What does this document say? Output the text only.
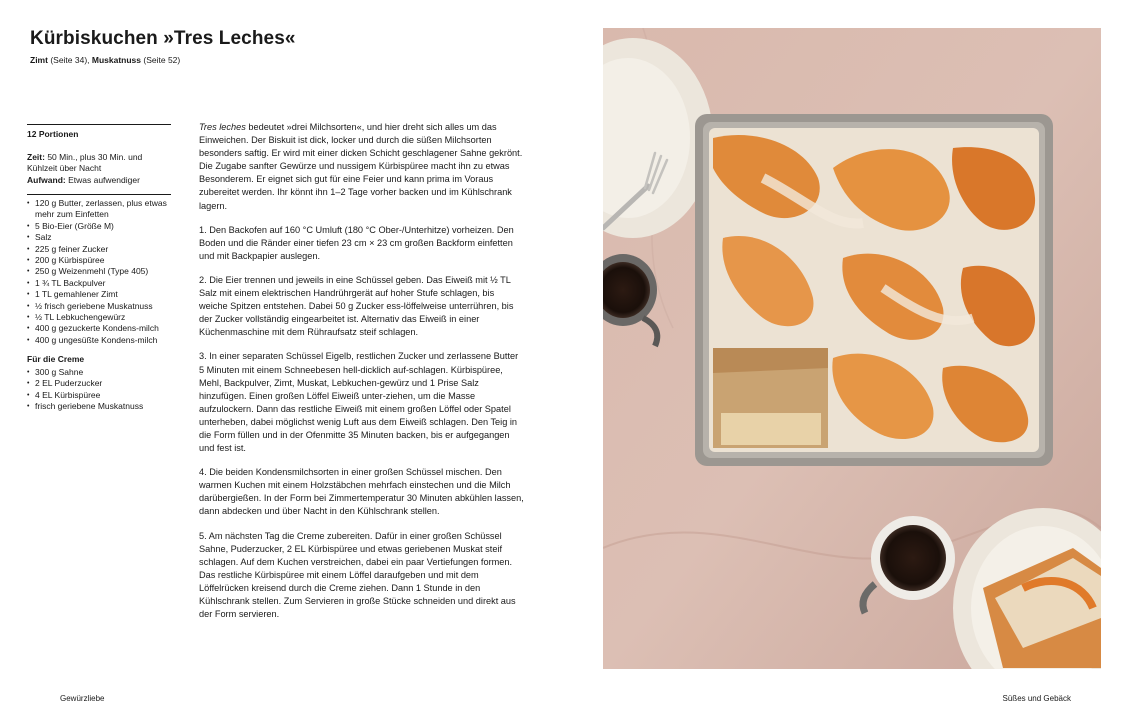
Kürbiskuchen »Tres Leches«
Zimt (Seite 34), Muskatnuss (Seite 52)
12 Portionen
Zeit: 50 Min., plus 30 Min. und Kühlzeit über Nacht
Aufwand: Etwas aufwendiger
• 120 g Butter, zerlassen, plus etwas mehr zum Einfetten
• 5 Bio-Eier (Größe M)
• Salz
• 225 g feiner Zucker
• 200 g Kürbispüree
• 250 g Weizenmehl (Type 405)
• 1 ¾ TL Backpulver
• 1 TL gemahlener Zimt
• ½ frisch geriebene Muskatnuss
• ½ TL Lebkuchengewürz
• 400 g gezuckerte Kondens-milch
• 400 g ungesüßte Kondens-milch
Für die Creme
• 300 g Sahne
• 2 EL Puderzucker
• 4 EL Kürbispüree
• frisch geriebene Muskatnuss

Tres leches bedeutet »drei Milchsorten«, und hier dreht sich alles um das Einweichen. Der Biskuit ist dick, locker und durch die süßen Milchsorten besonders saftig. Er wird mit einer dicken Schicht geschlagener Sahne gekrönt. Die Zugabe sanfter Gewürze und nussigem Kürbispüree macht ihn zu etwas Besonderem. Er eignet sich gut für eine Feier und kann prima im Voraus zubereitet werden. Ihr könnt ihn 1–2 Tage vorher backen und im Kühlschrank lagern.

1. Den Backofen auf 160 °C Umluft (180 °C Ober-/Unterhitze) vorheizen. Den Boden und die Ränder einer tiefen 23 cm × 23 cm großen Backform einfetten und mit Backpapier auslegen.

2. Die Eier trennen und jeweils in eine Schüssel geben. Das Eiweiß mit ½ TL Salz mit einem elektrischen Handrührgerät auf hoher Stufe schlagen, bis weiche Spitzen entstehen. Dabei 50 g Zucker ess-löffelweise unterrühren, bis der Zucker vollständig eingearbeitet ist. Alternativ das Eiweiß in einer Küchenmaschine mit dem Rühraufsatz steif schlagen.

3. In einer separaten Schüssel Eigelb, restlichen Zucker und zerlassene Butter 5 Minuten mit einem Schneebesen hell-dicklich auf-schlagen. Kürbispüree, Mehl, Backpulver, Zimt, Muskat, Lebkuchen-gewürz und 1 Prise Salz hinzufügen. Einen großen Löffel Eiweiß unter-ziehen, um die Masse aufzulockern. Dann das restliche Eiweiß mit einem großen Löffel oder Spatel unterheben, dabei möglichst wenig Luft aus dem Eiweiß schlagen. Den Teig in die Form füllen und in der Ofenmitte 35 Minuten backen, bis er aufgegangen und fest ist.

4. Die beiden Kondensmilchsorten in einer großen Schüssel mischen. Den warmen Kuchen mit einem Holzstäbchen mehrfach einstechen und die Milch darübergießen. In der Form bei Zimmertemperatur 30 Minuten abkühlen lassen, dann abdecken und über Nacht in den Kühlschrank stellen.

5. Am nächsten Tag die Creme zubereiten. Dafür in einer großen Schüssel Sahne, Puderzucker, 2 EL Kürbispüree und etwas geriebenen Muskat steif schlagen. Auf dem Kuchen verstreichen, dabei ein paar Vertiefungen formen. Das restliche Kürbispüree mit einem Löffel daraufgeben und mit dem Löffelrücken kreisend durch die Creme ziehen. Dann 1 Stunde in den Kühlschrank stellen. Zum Servieren in große Stücke schneiden und direkt aus der Form servieren.

Gewürzliebe	Süßes und Gebäck
